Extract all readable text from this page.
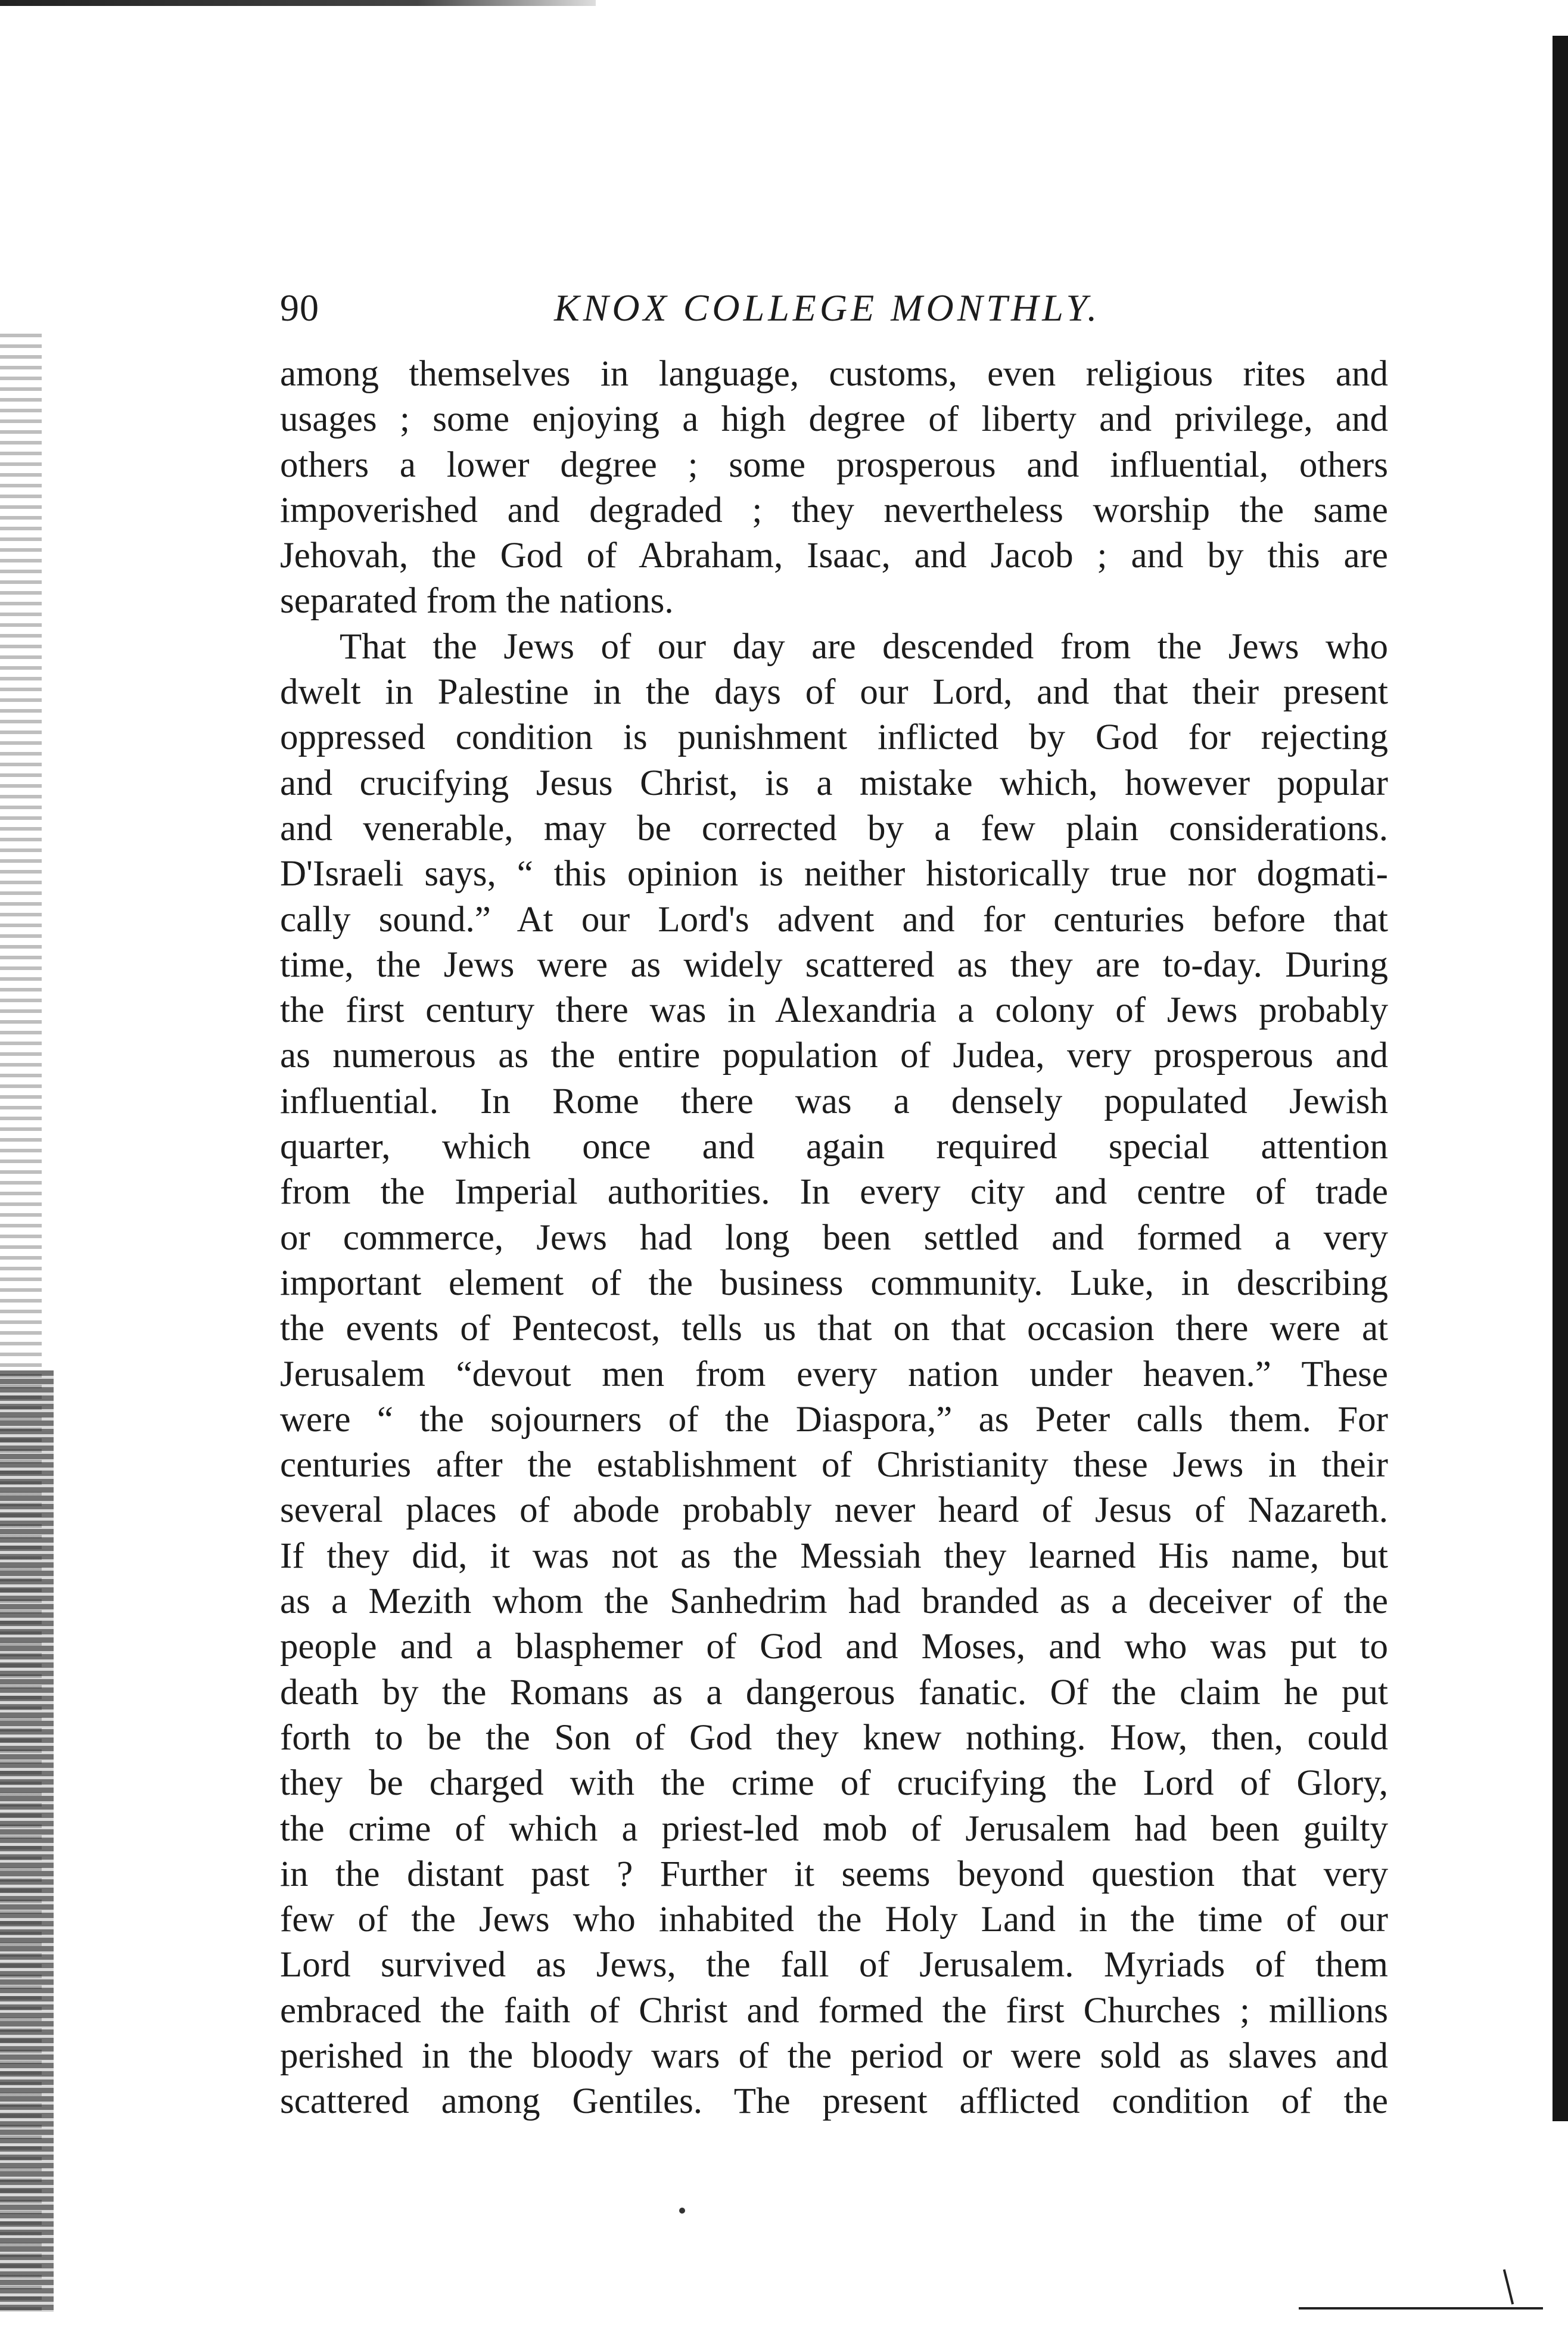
90	KNOX COLLEGE MONTHLY.
among themselves in language, customs, even religious rites and
usages ; some enjoying a high degree of liberty and privilege, and
others a lower degree ; some prosperous and influential, others
impoverished and degraded ; they nevertheless worship the same
Jehovah, the God of Abraham, Isaac, and Jacob ; and by this are
separated from the nations.
That the Jews of our day are descended from the Jews who
dwelt in Palestine in the days of our Lord, and that their present
oppressed condition is punishment inflicted by God for rejecting
and crucifying Jesus Christ, is a mistake which, however popular
and venerable, may be corrected by a few plain considerations.
D'Israeli says, “ this opinion is neither historically true nor dogmati-
cally sound.” At our Lord's advent and for centuries before that
time, the Jews were as widely scattered as they are to-day. During
the first century there was in Alexandria a colony of Jews probably
as numerous as the entire population of Judea, very prosperous and
influential. In Rome there was a densely populated Jewish
quarter, which once and again required special attention
from the Imperial authorities. In every city and centre of trade
or commerce, Jews had long been settled and formed a very
important element of the business community. Luke, in describing
the events of Pentecost, tells us that on that occasion there were at
Jerusalem “devout men from every nation under heaven.” These
were “ the sojourners of the Diaspora,” as Peter calls them. For
centuries after the establishment of Christianity these Jews in their
several places of abode probably never heard of Jesus of Nazareth.
If they did, it was not as the Messiah they learned His name, but
as a Mezith whom the Sanhedrim had branded as a deceiver of the
people and a blasphemer of God and Moses, and who was put to
death by the Romans as a dangerous fanatic. Of the claim he put
forth to be the Son of God they knew nothing. How, then, could
they be charged with the crime of crucifying the Lord of Glory,
the crime of which a priest-led mob of Jerusalem had been guilty
in the distant past ? Further it seems beyond question that very
few of the Jews who inhabited the Holy Land in the time of our
Lord survived as Jews, the fall of Jerusalem. Myriads of them
embraced the faith of Christ and formed the first Churches ; millions
perished in the bloody wars of the period or were sold as slaves and
scattered among Gentiles. The present afflicted condition of the
